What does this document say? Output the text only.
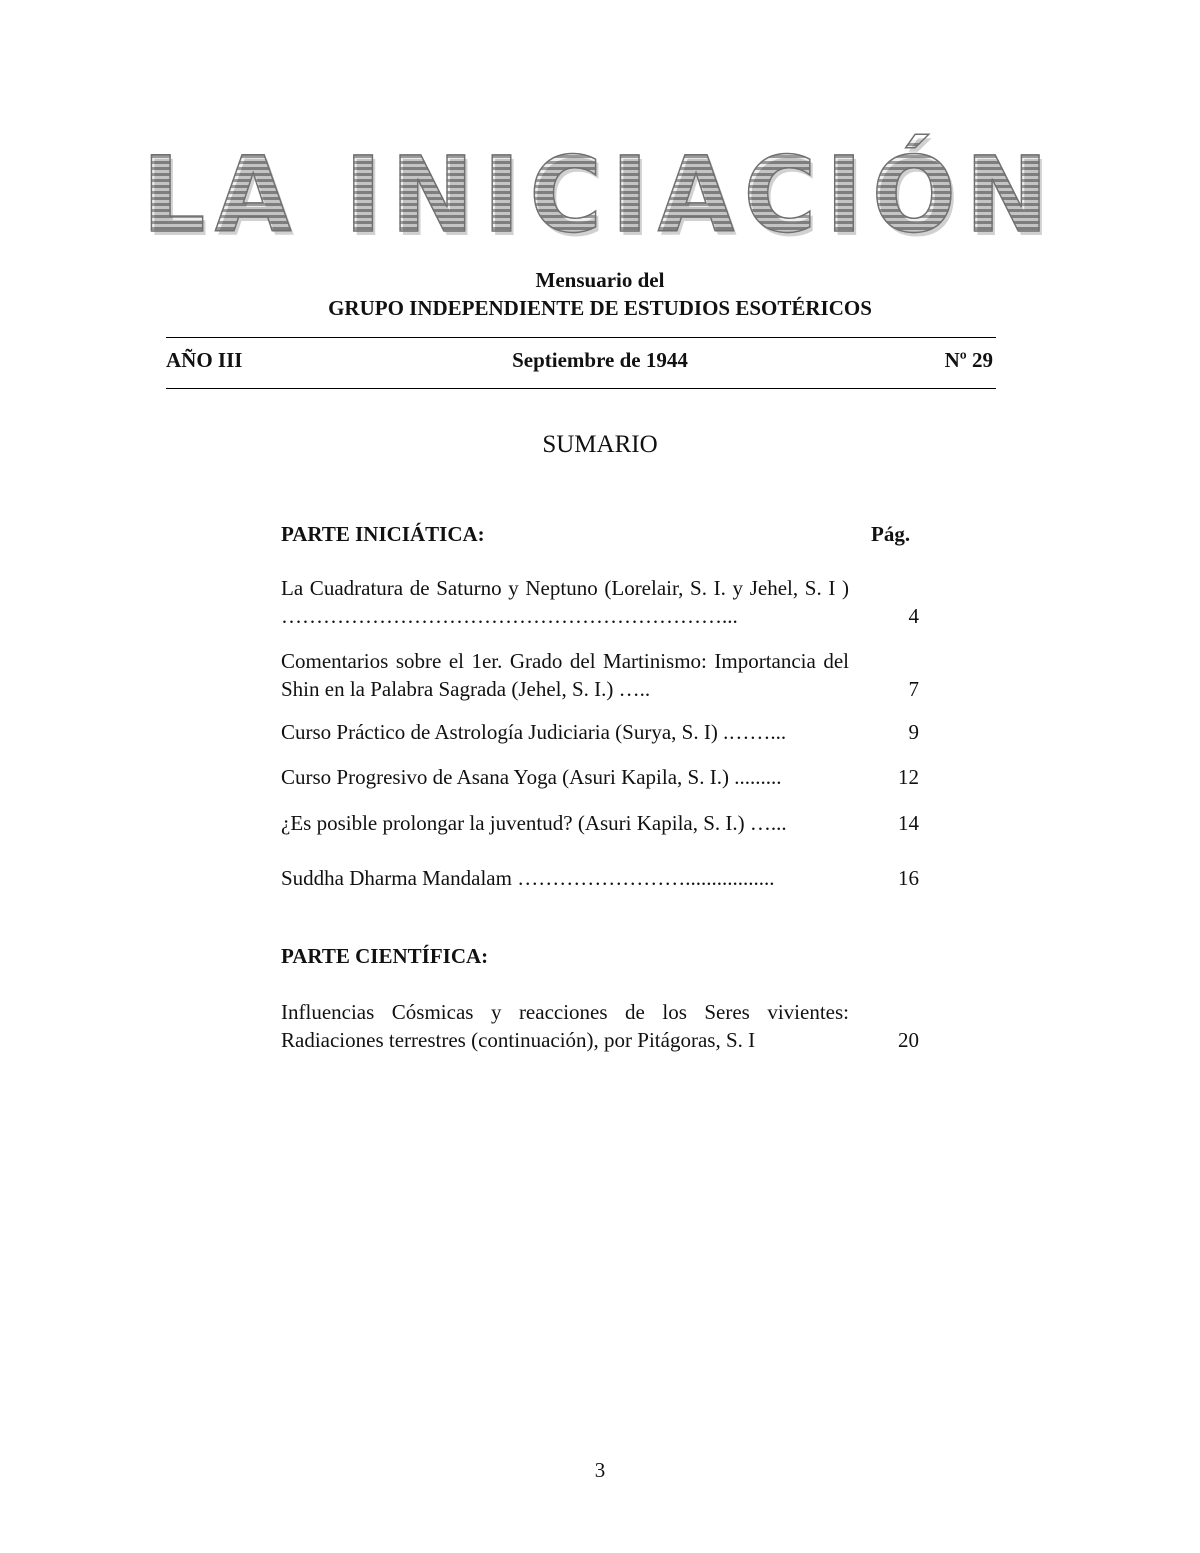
LA INICIACIÓN
Mensuario del
GRUPO INDEPENDIENTE DE ESTUDIOS ESOTÉRICOS
AÑO III	Septiembre de 1944	Nº 29
SUMARIO
PARTE INICIÁTICA:	Pág.
La Cuadratura de Saturno y Neptuno (Lorelair, S. I. y Jehel, S. I ) ………………………………………………………...	4
Comentarios sobre el 1er. Grado del Martinismo: Importancia del Shin en la Palabra Sagrada (Jehel, S. I.) …..	7
Curso Práctico de Astrología Judiciaria (Surya, S. I) .……...	9
Curso Progresivo de Asana Yoga (Asuri Kapila, S. I.) .........	12
¿Es posible prolongar la juventud? (Asuri Kapila, S. I.) …...	14
Suddha Dharma Mandalam …………………….................	16
PARTE CIENTÍFICA:
Influencias Cósmicas y reacciones de los Seres vivientes: Radiaciones terrestres (continuación), por Pitágoras, S. I	20
3
